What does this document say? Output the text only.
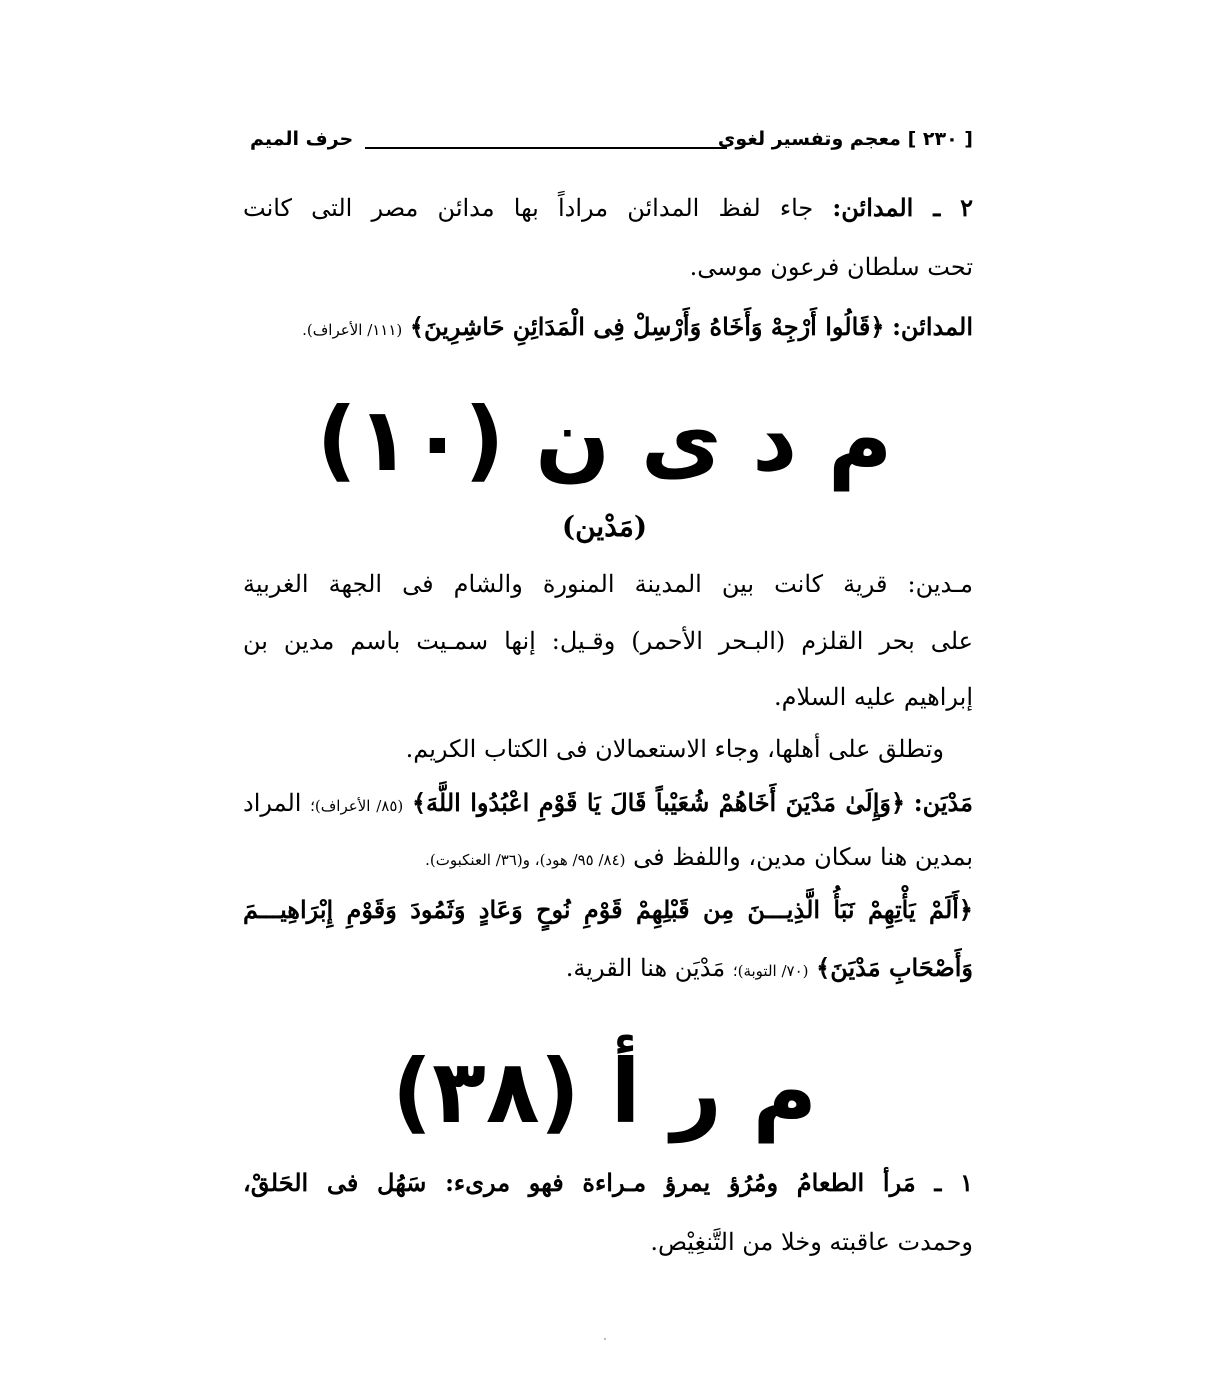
[ ٢٣٠ ] معجم وتفسير لغوى
حرف الميم
٢ ـ المدائن: جاء لفظ المدائن مراداً بها مدائن مصر التى كانت
تحت سلطان فرعون موسى.
المدائن: ﴿قَالُوا أَرْجِهْ وَأَخَاهُ وَأَرْسِلْ فِى الْمَدَائِنِ حَاشِرِينَ﴾ (١١١/ الأعراف).
م د ى ن (١٠)
(مَدْين)
مـدين: قرية كانت بين المدينة المنورة والشام فى الجهة الغربية
على بحر القلزم (البـحر الأحمر) وقـيل: إنها سمـيت باسم مدين بن
إبراهيم عليه السلام.
وتطلق على أهلها، وجاء الاستعمالان فى الكتاب الكريم.
مَدْيَن: ﴿وَإِلَىٰ مَدْيَنَ أَخَاهُمْ شُعَيْباً قَالَ يَا قَوْمِ اعْبُدُوا اللَّهَ﴾ (٨٥/ الأعراف)؛ المراد
بمدين هنا سكان مدين، واللفظ فى (٨٤/ ٩٥/ هود)، و(٣٦/ العنكبوت).
﴿أَلَمْ يَأْتِهِمْ نَبَأُ الَّذِيـــنَ مِن قَبْلِهِمْ قَوْمِ نُوحٍ وَعَادٍ وَثَمُودَ وَقَوْمِ إِبْرَاهِيـــمَ
وَأَصْحَابِ مَدْيَنَ﴾ (٧٠/ التوبة)؛ مَدْيَن هنا القرية.
م ر أ (٣٨)
١ ـ مَرأ الطعامُ ومُرُؤ يمرؤ مـراءة فهو مرىء: سَهُل فى الحَلقْ،
وحمدت عاقبته وخلا من التَّنغِيْص.
